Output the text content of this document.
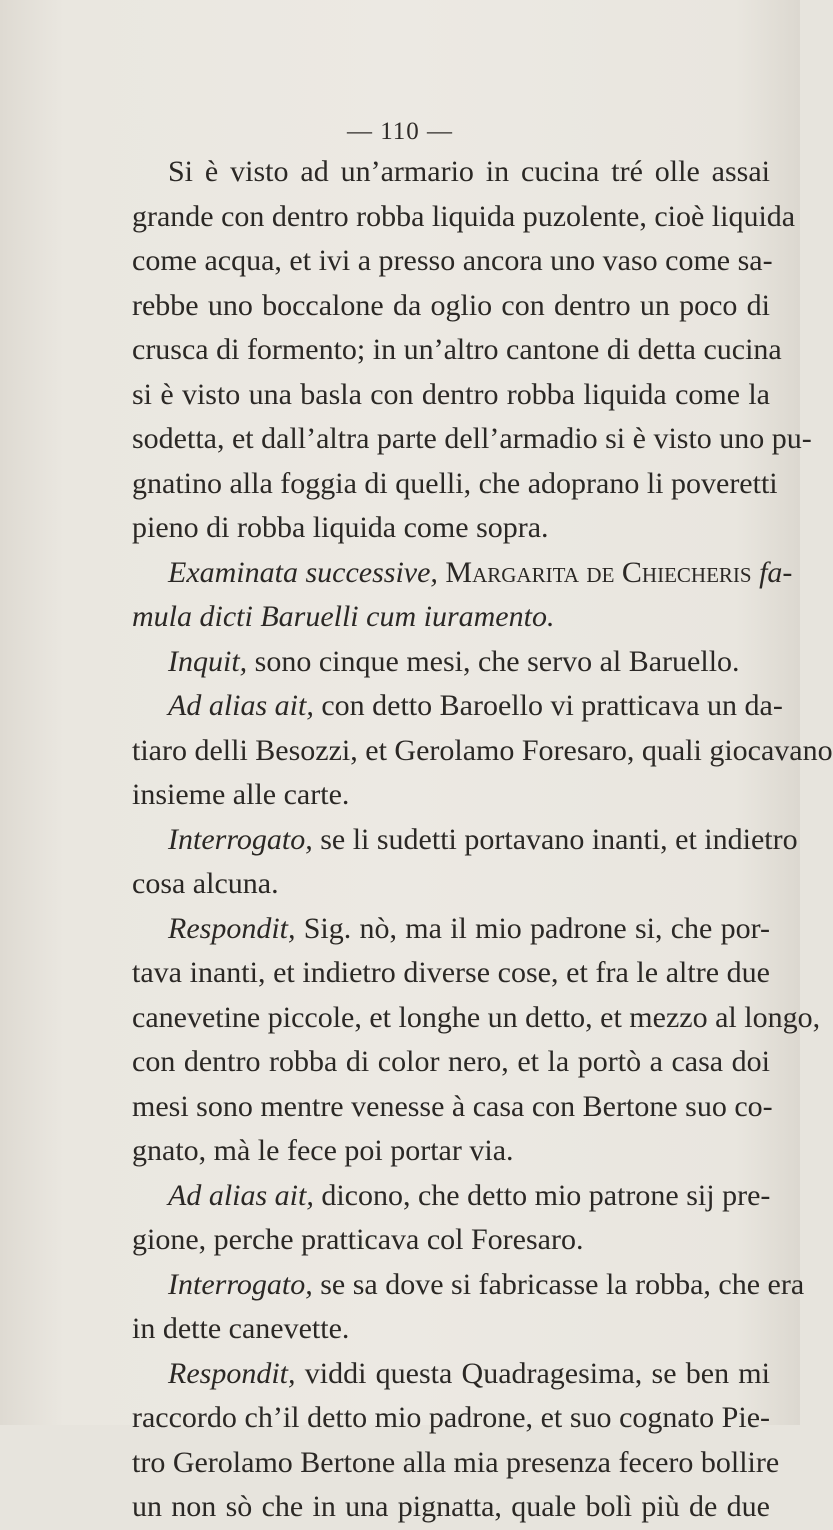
— 110 —
Si è visto ad un’armario in cucina tré olle assai
grande con dentro robba liquida puzolente, cioè liquida
come acqua, et ivi a presso ancora uno vaso come sa-
rebbe uno boccalone da oglio con dentro un poco di
crusca di formento; in un’altro cantone di detta cucina
si è visto una basla con dentro robba liquida come la
sodetta, et dall’altra parte dell’armadio si è visto uno pu-
gnatino alla foggia di quelli, che adoprano li poveretti
pieno di robba liquida come sopra.
Examinata successive, Margarita de Chiecheris fa-
mula dicti Baruelli cum iuramento.
Inquit, sono cinque mesi, che servo al Baruello.
Ad alias ait, con detto Baroello vi pratticava un da-
tiaro delli Besozzi, et Gerolamo Foresaro, quali giocavano
insieme alle carte.
Interrogato, se li sudetti portavano inanti, et indietro
cosa alcuna.
Respondit, Sig. nò, ma il mio padrone si, che por-
tava inanti, et indietro diverse cose, et fra le altre due
canevetine piccole, et longhe un detto, et mezzo al longo,
con dentro robba di color nero, et la portò a casa doi
mesi sono mentre venesse à casa con Bertone suo co-
gnato, mà le fece poi portar via.
Ad alias ait, dicono, che detto mio patrone sij pre-
gione, perche pratticava col Foresaro.
Interrogato, se sa dove si fabricasse la robba, che era
in dette canevette.
Respondit, viddi questa Quadragesima, se ben mi
raccordo ch’il detto mio padrone, et suo cognato Pie-
tro Gerolamo Bertone alla mia presenza fecero bollire
un non sò che in una pignatta, quale bolì più de due
